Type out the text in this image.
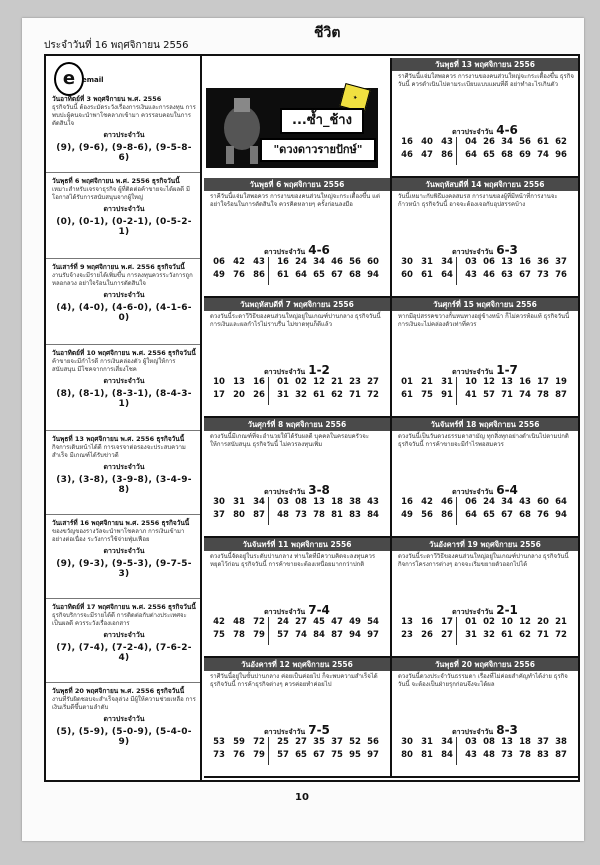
ประจำวันที่ 16 พฤศจิกายน 2556
ชีวิต
e email
วันอาทิตย์ที่ 3 พฤศจิกายน พ.ศ. 2556
ธุรกิจวันนี้ ต้องระมัดระวังเรื่องการเงินและการลงทุน การพบปะผู้คนจะนำพาโชคลาภเข้ามา ควรรอบคอบในการตัดสินใจ
ดาวประจำวัน
(9), (9-6), (9-8-6), (9-5-8-6)
วันพุธที่ 6 พฤศจิกายน พ.ศ. 2556 ธุรกิจวันนี้
เหมาะสำหรับเจรจาธุรกิจ ผู้ที่ติดต่อค้าขายจะได้ผลดี มีโอกาสได้รับการสนับสนุนจากผู้ใหญ่
ดาวประจำวัน
(0), (0-1), (0-2-1), (0-5-2-1)
วันเสาร์ที่ 9 พฤศจิกายน พ.ศ. 2556 ธุรกิจวันนี้
งานรับจ้างจะมีรายได้เพิ่มขึ้น การลงทุนควรระวังการถูกหลอกลวง อย่าใจร้อนในการตัดสินใจ
ดาวประจำวัน
(4), (4-0), (4-6-0), (4-1-6-0)
วันอาทิตย์ที่ 10 พฤศจิกายน พ.ศ. 2556 ธุรกิจวันนี้
ค้าขายจะมีกำไรดี การเงินคล่องตัว ผู้ใหญ่ให้การสนับสนุน มีโชคจากการเสี่ยงโชค
ดาวประจำวัน
(8), (8-1), (8-3-1), (8-4-3-1)
วันพุธที่ 13 พฤศจิกายน พ.ศ. 2556 ธุรกิจวันนี้
กิจการเดินหน้าได้ดี การเจรจาต่อรองจะประสบความสำเร็จ มีเกณฑ์ได้รับข่าวดี
ดาวประจำวัน
(3), (3-8), (3-9-8), (3-4-9-8)
วันเสาร์ที่ 16 พฤศจิกายน พ.ศ. 2556 ธุรกิจวันนี้
ของขวัญของรางวัลจะนำพาโชคลาภ การเงินเข้ามาอย่างต่อเนื่อง ระวังการใช้จ่ายฟุ่มเฟือย
ดาวประจำวัน
(9), (9-3), (9-5-3), (9-7-5-3)
วันอาทิตย์ที่ 17 พฤศจิกายน พ.ศ. 2556 ธุรกิจวันนี้
ธุรกิจบริการจะมีรายได้ดี การติดต่อกับต่างประเทศจะเป็นผลดี ควรระวังเรื่องเอกสาร
ดาวประจำวัน
(7), (7-4), (7-2-4), (7-6-2-4)
วันพุธที่ 20 พฤศจิกายน พ.ศ. 2556 ธุรกิจวันนี้
งานที่รับผิดชอบจะสำเร็จลุล่วง มีผู้ให้ความช่วยเหลือ การเงินเริ่มดีขึ้นตามลำดับ
ดาวประจำวัน
(5), (5-9), (5-0-9), (5-4-0-9)
★
...ซ้ำ_ช้าง
"ดวงดาวรายปักษ์"
วันพุธที่ 6 พฤศจิกายน 2556
ราคีวันนี้แจ่มใสพอควร การงานของคนส่วนใหญ่จะกระเตื้องขึ้น แต่อย่าใจร้อนในการตัดสินใจ ควรคิดหลายๆ ครั้งก่อนลงมือ
ดาวประจำวัน 4-6
06 42 43	16 24 34 46 56 60
49 76 86	61 64 65 67 68 94
วันพฤหัสบดีที่ 7 พฤศจิกายน 2556
ดวงวันนี้ระดาวีวิธีของคนส่วนใหญ่อยู่ในเกณฑ์ปานกลาง ธุรกิจวันนี้ การเงินและผลกำไรไม่ราบรื่น ไม่ขาดทุนก็ดีแล้ว
ดาวประจำวัน 1-2
10 13 16	01 02 12 21 23 27
17 20 26	31 32 61 62 71 72
วันศุกร์ที่ 8 พฤศจิกายน 2556
ดวงวันนี้มีเกณฑ์ที่จะอำนวยให้ได้รับผลดี บุคคลในครอบครัวจะให้การสนับสนุน ธุรกิจวันนี้ ไม่ควรลงทุนเพิ่ม
ดาวประจำวัน 3-8
30 31 34	03 08 13 18 38 43
37 80 87	48 73 78 81 83 84
วันจันทร์ที่ 11 พฤศจิกายน 2556
ดวงวันนี้จัดอยู่ในระดับปานกลาง ท่านใดที่มีความคิดจะลงทุนควรหยุดไว้ก่อน ธุรกิจวันนี้ การค้าขายจะต้องเหนื่อยมากกว่าปกติ
ดาวประจำวัน 7-4
42 48 72	24 27 45 47 49 54
75 78 79	57 74 84 87 94 97
วันอังคารที่ 12 พฤศจิกายน 2556
ราศีวันนี้อยู่ในขั้นปานกลาง ค่อยเป็นค่อยไป ก็จะพบความสำเร็จได้ ธุรกิจวันนี้ การค้าธุรกิจต่างๆ ควรค่อยทำค่อยไป
ดาวประจำวัน 7-5
53 59 72	25 27 35 37 52 56
73 76 79	57 65 67 75 95 97
วันพุธที่ 13 พฤศจิกายน 2556
ราศีวันนี้แจ่มใสพอควร การงานของคนส่วนใหญ่จะกระเตื้องขึ้น ธุรกิจวันนี้ ควรดำเนินไปตามระเบียบแบบแผนที่ดี อย่าทำอะไรเกินตัว
ดาวประจำวัน 4-6
16 40 43	04 26 34 56 61 62
46 47 86	64 65 68 69 74 96
วันพฤหัสบดีที่ 14 พฤศจิกายน 2556
วันนี้เหมาะกับพิธีมงคลสมรส การงานของผู้ที่มีหน้าที่การงานจะก้าวหน้า ธุรกิจวันนี้ อาจจะต้องเจอกับอุปสรรคบ้าง
ดาวประจำวัน 6-3
30 31 34	03 06 13 16 36 37
60 61 64	43 46 63 67 73 76
วันศุกร์ที่ 15 พฤศจิกายน 2556
หากมีอุปสรรคขวางกั้นหนทางอยู่ข้างหน้า ก็ไม่ควรท้อแท้ ธุรกิจวันนี้ การเงินจะไม่คล่องตัวเท่าที่ควร
ดาวประจำวัน 1-7
01 21 31	10 12 13 16 17 19
61 75 91	41 57 71 74 78 87
วันจันทร์ที่ 18 พฤศจิกายน 2556
ดวงวันนี้เป็นวันดวงธรรมดาสามัญ ทุกสิ่งทุกอย่างดำเนินไปตามปกติ ธุรกิจวันนี้ การค้าขายจะมีกำไรพอสมควร
ดาวประจำวัน 6-4
16 42 46	06 24 34 43 60 64
49 56 86	64 65 67 68 76 94
วันอังคารที่ 19 พฤศจิกายน 2556
ดวงวันนี้ระดาวีวิธีของคนส่วนใหญ่อยู่ในเกณฑ์ปานกลาง ธุรกิจวันนี้ กิจการโครงการต่างๆ อาจจะเริ่มขยายตัวออกไปได้
ดาวประจำวัน 2-1
13 16 17	01 02 10 12 20 21
23 26 27	31 32 61 62 71 72
วันพุธที่ 20 พฤศจิกายน 2556
ดวงวันนี้ดวงประจำวันธรรมดา เรื่องที่ไม่ค่อยสำคัญทำได้ง่าย ธุรกิจวันนี้ จะต้องเป็นฝ่ายรุกก่อนจึงจะได้ผล
ดาวประจำวัน 8-3
30 31 34	03 08 13 18 37 38
80 81 84	43 48 73 78 83 87
10
